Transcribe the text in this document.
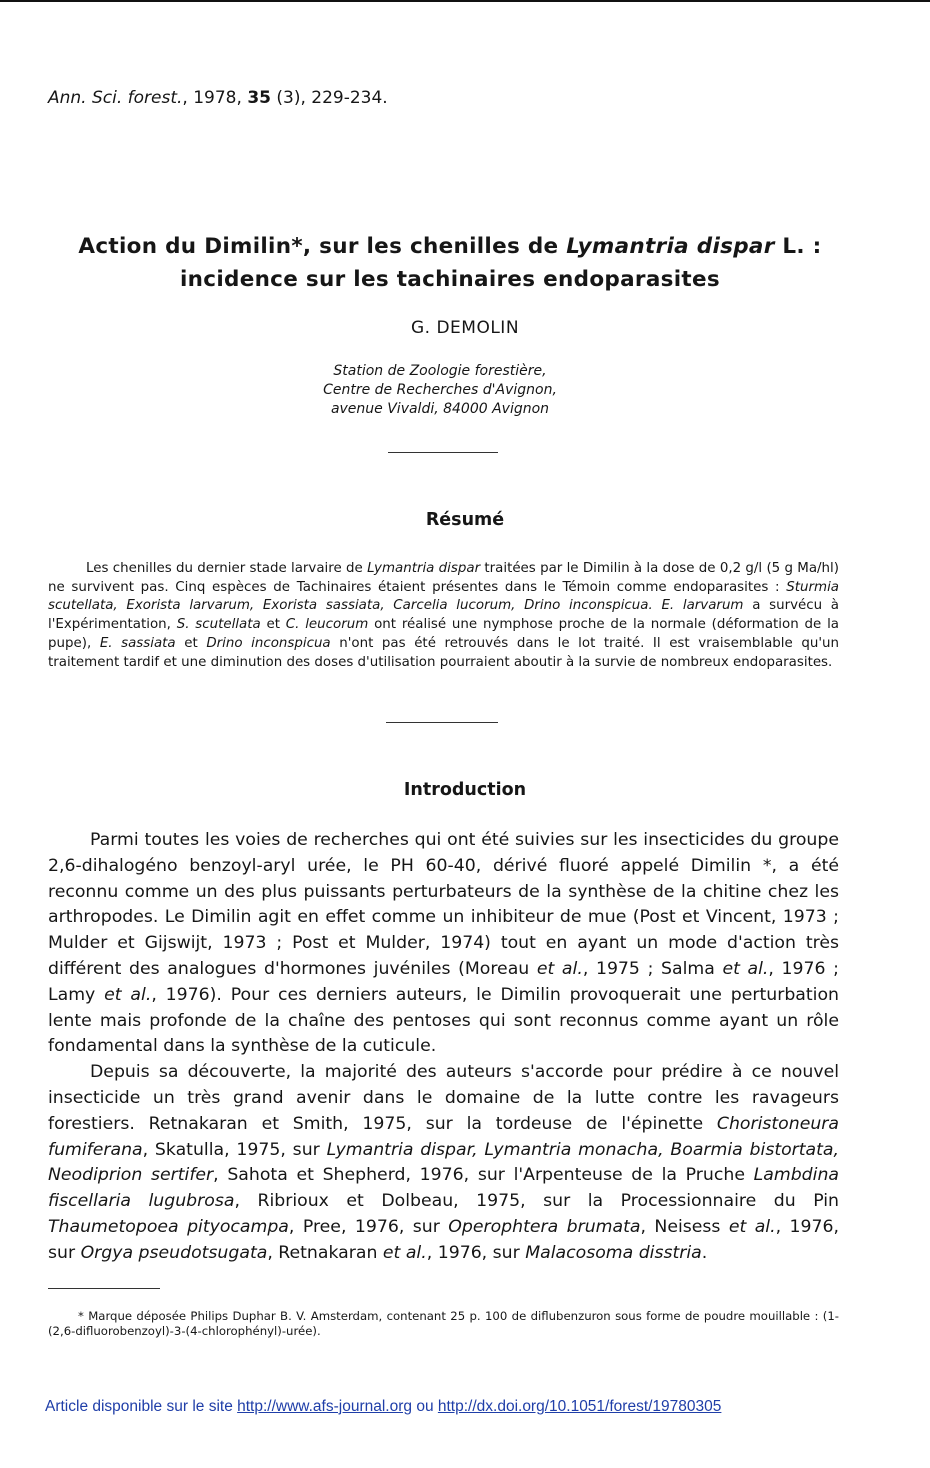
Ann. Sci. forest., 1978, 35 (3), 229-234.
Action du Dimilin*, sur les chenilles de Lymantria dispar L. :
incidence sur les tachinaires endoparasites
G. DEMOLIN
Station de Zoologie forestière,
Centre de Recherches d'Avignon,
avenue Vivaldi, 84000 Avignon
Résumé
Les chenilles du dernier stade larvaire de Lymantria dispar traitées par le Dimilin à la dose de 0,2 g/l (5 g Ma/hl) ne survivent pas. Cinq espèces de Tachinaires étaient présentes dans le Témoin comme endoparasites : Sturmia scutellata, Exorista larvarum, Exorista sassiata, Carcelia lucorum, Drino inconspicua. E. larvarum a survécu à l'Expérimentation, S. scutellata et C. leucorum ont réalisé une nymphose proche de la normale (déformation de la pupe), E. sassiata et Drino inconspicua n'ont pas été retrouvés dans le lot traité. Il est vraisemblable qu'un traitement tardif et une diminution des doses d'utilisation pourraient aboutir à la survie de nombreux endoparasites.
Introduction

Parmi toutes les voies de recherches qui ont été suivies sur les insecticides du groupe 2,6-dihalogéno benzoyl-aryl urée, le PH 60-40, dérivé fluoré appelé Dimilin *, a été reconnu comme un des plus puissants perturbateurs de la synthèse de la chitine chez les arthropodes. Le Dimilin agit en effet comme un inhibiteur de mue (Post et Vincent, 1973 ; Mulder et Gijswijt, 1973 ; Post et Mulder, 1974) tout en ayant un mode d'action très différent des analogues d'hormones juvéniles (Moreau et al., 1975 ; Salma et al., 1976 ; Lamy et al., 1976). Pour ces derniers auteurs, le Dimilin provoquerait une perturbation lente mais profonde de la chaîne des pentoses qui sont reconnus comme ayant un rôle fondamental dans la synthèse de la cuticule.

Depuis sa découverte, la majorité des auteurs s'accorde pour prédire à ce nouvel insecticide un très grand avenir dans le domaine de la lutte contre les ravageurs forestiers. Retnakaran et Smith, 1975, sur la tordeuse de l'épinette Choristoneura fumiferana, Skatulla, 1975, sur Lymantria dispar, Lymantria monacha, Boarmia bistortata, Neodiprion sertifer, Sahota et Shepherd, 1976, sur l'Arpenteuse de la Pruche Lambdina fiscellaria lugubrosa, Ribrioux et Dolbeau, 1975, sur la Processionnaire du Pin Thaumetopoea pityocampa, Pree, 1976, sur Operophtera brumata, Neisess et al., 1976, sur Orgya pseudotsugata, Retnakaran et al., 1976, sur Malacosoma disstria.

* Marque déposée Philips Duphar B. V. Amsterdam, contenant 25 p. 100 de diflubenzuron sous forme de poudre mouillable : (1-(2,6-difluorobenzoyl)-3-(4-chlorophényl)-urée).
Article disponible sur le site http://www.afs-journal.org ou http://dx.doi.org/10.1051/forest/19780305
